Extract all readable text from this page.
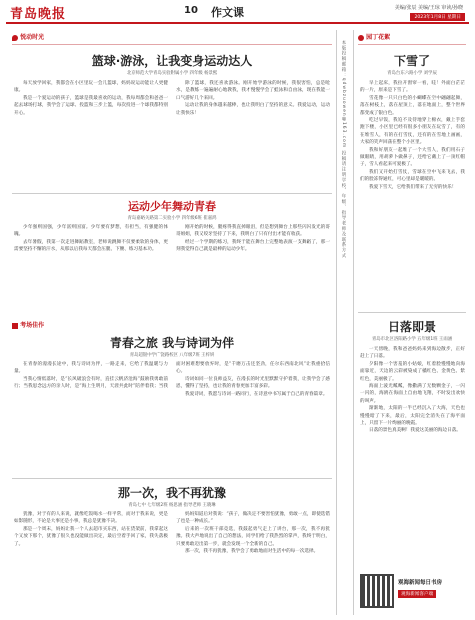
青岛晚报	10 作文课	美编/张辰 美编/王琼 审读/孙晓
2023年1月8日 星期日
悦动时光
篮球·游泳，让我变身运动达人
北京师范大学青岛实验附属小学 四年级 杨景熙

每天放学回家，我都会在小区里玩一会儿篮球，妈妈说运动能让人更健康。

我是一个爱运动的孩子，篮球是我最喜欢的运动，我每周都会和爸爸一起去球场打球，我学会了运球、投篮和三步上篮，每次投进一个球我都特别开心。

除了篮球，我还喜欢游泳。刚开始学游泳的时候，我很害怕，总是呛水，是教练一遍遍耐心地教我，我才慢慢学会了蛙泳和自由泳，现在我能一口气游好几个来回。

运动让我的身体越来越棒，也让我明白了坚持的意义。我爱运动，运动让我快乐！

运动少年舞动青春
青岛嘉峪关路第二实验小学 四年级6班 崔嘉鸿

少年强则国强，少年富则国富。少年要有梦想，有担当，有强健的体魄。

去年暑假，我第一次走进舞蹈教室，老师说跳舞不仅要柔软的身体，更需要坚持不懈的汗水，从那以后我每天都会压腿、下腰、练习基本功。

刚开始的时候，腿疼得我直掉眼泪，但是想到舞台上那些闪闪发光的哥哥姐姐，我又咬牙坚持了下来，我明白了只有付出才能有收获。

经过一个学期的练习，我终于能在舞台上完整地表演一支舞蹈了，那一刻我觉得自己就是最棒的运动少年。

考场佳作
青春之旅 我与诗词为伴
青岛超银中学广饶路校区 八年级7班 王梓妍

在青春的漫漫长途中，我与诗词为伴，一路走来，它给了我温暖与力量。

当我心情低落时，是“长风破浪会有时，直挂云帆济沧海”鼓励我勇敢前行；当我思念远方的亲人时，是“海上生明月，天涯共此时”陪伴着我；当我面对困难想要放弃时，是“千磨万击还坚劲，任尔东西南北风”让我重拾信心。

诗词如同一位良师益友，在漫长的时光里默默守护着我，让我学会了感恩，懂得了坚持，也让我的青春更加丰富多彩。

我爱诗词，我愿与诗词一路同行，在诗意中书写属于自己的青春篇章。

那一次，我不再犹豫
青岛七中 七年级2班 杨思涵 指导老师 王晓琳

犹豫，对于有的人来说，就像吃饭喝水一样平常，而对于我来说，更是如影随形，不论是大事还是小事，我总是犹豫不决。

那是一个周末，妈妈让我一个人去超市买东西，站在货架前，我拿起这个又放下那个，犹豫了很久也没能做出决定，最后空着手回了家，我失落极了。

妈妈知道后对我说：“孩子，做决定不要害怕犹豫，勇敢一点，即使选错了也是一种成长。”

后来的一次班干部竞选，我鼓起勇气走上了讲台，那一次，我不再犹豫。我大声地说出了自己的想法，同学们给了我热烈的掌声，我终于明白，只要勇敢迈出第一步，就会发现一个全新的自己。

那一次，我不再犹豫，我学会了勇敢地面对生活中的每一次选择。

本版投稿邮箱：qdwbzuowen@163.com 投稿请注明学校、年级、指导老师及联系方式
园丁花絮
下雪了
青岛台东六路小学 刘学辰

早上起床，我拉开窗帘一看，哇！外面白茫茫的一片，原来是下雪了。

雪花像一只只白色的小蝴蝶在空中翩翩起舞，落在树枝上，落在屋顶上，落在地面上，整个世界都变成了银白色。

吃过早饭，我迫不及待地穿上棉衣，戴上手套跑下楼，小区里已经有很多小朋友在玩雪了，有的在堆雪人，有的在打雪仗，还有的在雪地上画画，大家的笑声回荡在整个小区里。

我和好朋友一起堆了一个大雪人，我们用石子做眼睛，用胡萝卜做鼻子，还给它戴上了一顶红帽子，雪人看起来可爱极了。

我们又开始打雪仗，雪球在空中飞来飞去，我们的脸冻得通红，可心里却是暖暖的。

我爱下雪天，它给我们带来了无穷的快乐！

日落即景
青岛市北区洛阳路小学 五年级1班 王雨涵

一天傍晚，我和爸爸妈妈来到海边散步，正好赶上了日落。

夕阳像一个害羞的小姑娘，红着脸慢慢地向海面靠近，天边的云彩被染成了橘红色、金黄色、紫红色，美丽极了。

海面上波光粼粼，像撒满了无数颗金子，一闪一闪的，海鸥在海面上自由地飞翔，不时发出欢快的叫声。

渐渐地，太阳的一半已经沉入了大海，天色也慢慢暗了下来，最后，太阳完全消失在了海平面上，只留下一片绚丽的晚霞。

日落的景色真美啊！我爱这美丽的海边日落。

观海新闻每日书房
观海新闻客户端
